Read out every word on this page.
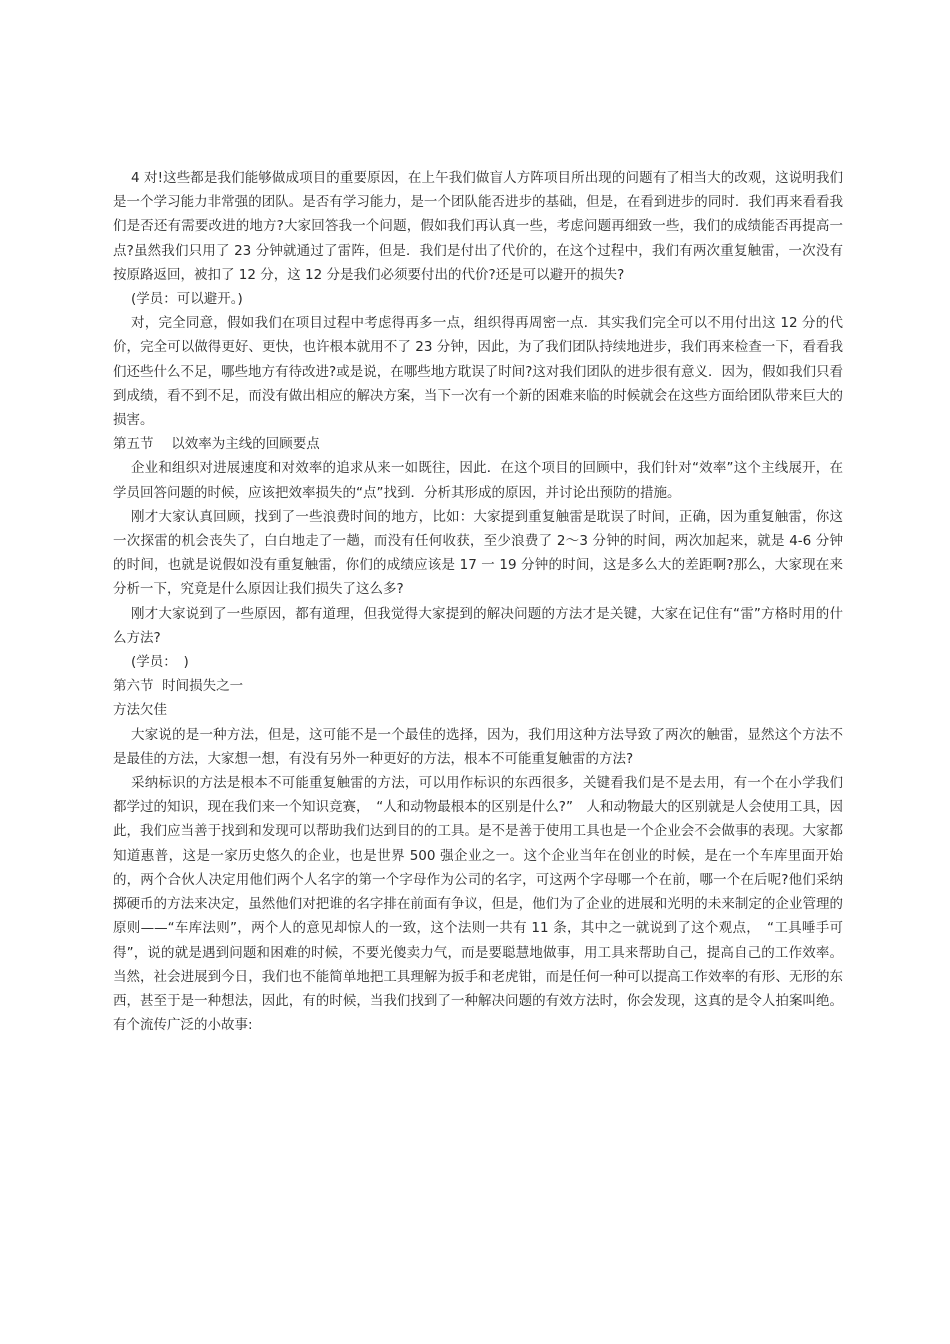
4 对!这些都是我们能够做成项目的重要原因，在上午我们做盲人方阵项目所出现的问题有了相当大的改观，这说明我们是一个学习能力非常强的团队。是否有学习能力，是一个团队能否进步的基础，但是，在看到进步的同时．我们再来看看我们是否还有需要改进的地方?大家回答我一个问题，假如我们再认真一些，考虑问题再细致一些，我们的成绩能否再提高一点?虽然我们只用了 23 分钟就通过了雷阵，但是．我们是付出了代价的，在这个过程中，我们有两次重复触雷，一次没有按原路返回，被扣了 12 分，这 12 分是我们必须要付出的代价?还是可以避开的损失?

(学员：可以避开。)

对，完全同意，假如我们在项目过程中考虑得再多一点，组织得再周密一点．其实我们完全可以不用付出这 12 分的代价，完全可以做得更好、更快，也许根本就用不了 23 分钟，因此，为了我们团队持续地进步，我们再来检查一下，看看我们还些什么不足，哪些地方有待改进?或是说，在哪些地方耽误了时间?这对我们团队的进步很有意义．因为，假如我们只看到成绩，看不到不足，而没有做出相应的解决方案，当下一次有一个新的困难来临的时候就会在这些方面给团队带来巨大的损害。

第五节　 以效率为主线的回顾要点

企业和组织对进展速度和对效率的追求从来一如既往，因此．在这个项目的回顾中，我们针对“效率”这个主线展开，在学员回答问题的时候，应该把效率损失的“点”找到．分析其形成的原因，并讨论出预防的措施。

刚才大家认真回顾，找到了一些浪费时间的地方，比如：大家提到重复触雷是耽误了时间，正确，因为重复触雷，你这一次探雷的机会丧失了，白白地走了一趟，而没有任何收获，至少浪费了 2～3 分钟的时间，两次加起来，就是 4-6 分钟的时间，也就是说假如没有重复触雷，你们的成绩应该是 17 一 19 分钟的时间，这是多么大的差距啊?那么，大家现在来分析一下，究竟是什么原因让我们损失了这么多?

刚才大家说到了一些原因，都有道理，但我觉得大家提到的解决问题的方法才是关键，大家在记住有“雷”方格时用的什么方法?

(学员：　)

第六节  时间损失之一

方法欠佳

大家说的是一种方法，但是，这可能不是一个最佳的选择，因为，我们用这种方法导致了两次的触雷，显然这个方法不是最佳的方法，大家想一想，有没有另外一种更好的方法，根本不可能重复触雷的方法?

采纳标识的方法是根本不可能重复触雷的方法，可以用作标识的东西很多，关键看我们是不是去用，有一个在小学我们都学过的知识，现在我们来一个知识竞赛，　“人和动物最根本的区别是什么?”　人和动物最大的区别就是人会使用工具，因此，我们应当善于找到和发现可以帮助我们达到目的的工具。是不是善于使用工具也是一个企业会不会做事的表现。大家都知道惠普，这是一家历史悠久的企业，也是世界 500 强企业之一。这个企业当年在创业的时候，是在一个车库里面开始的，两个合伙人决定用他们两个人名字的第一个字母作为公司的名字，可这两个字母哪一个在前，哪一个在后呢?他们采纳掷硬币的方法来决定，虽然他们对把谁的名字排在前面有争议，但是，他们为了企业的进展和光明的未来制定的企业管理的原则——“车库法则”，两个人的意见却惊人的一致，这个法则一共有 11 条，其中之一就说到了这个观点，　“工具唾手可得”，说的就是遇到问题和困难的时候，不要光傻卖力气，而是要聪慧地做事，用工具来帮助自己，提高自己的工作效率。当然，社会进展到今日，我们也不能简单地把工具理解为扳手和老虎钳，而是任何一种可以提高工作效率的有形、无形的东西，甚至于是一种想法，因此，有的时候，当我们找到了一种解决问题的有效方法时，你会发现，这真的是令人拍案叫绝。有个流传广泛的小故事:
